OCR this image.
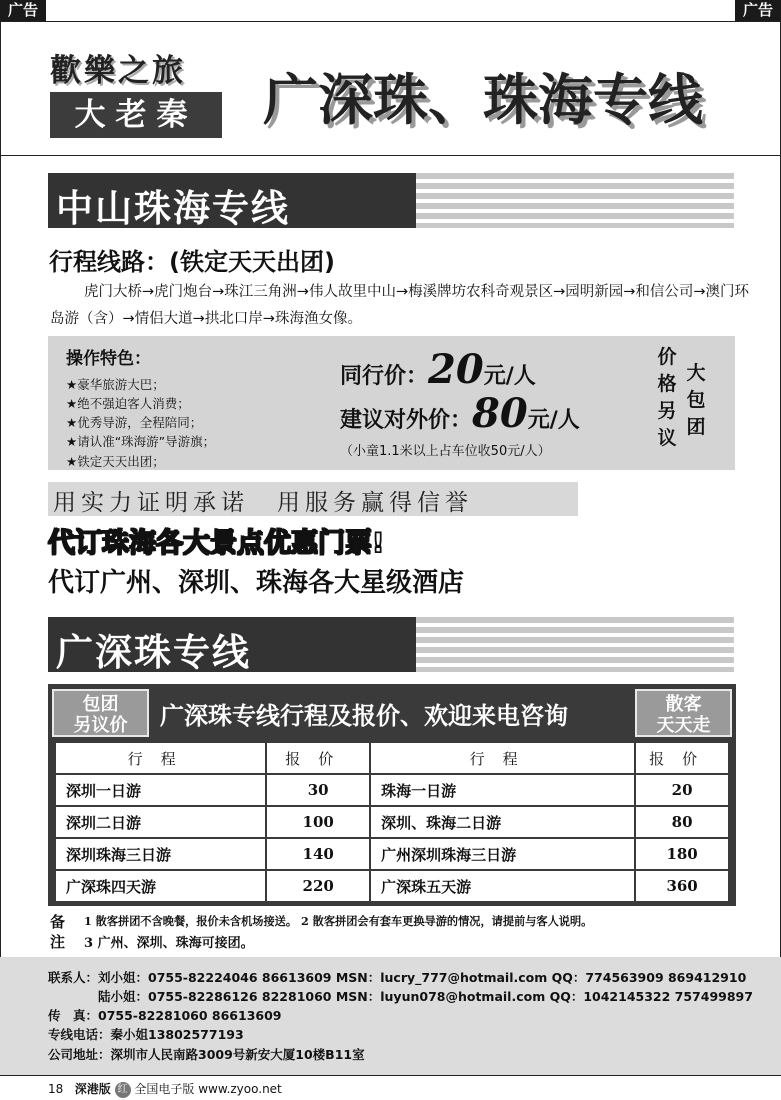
广告	广告
歡樂之旅
大老秦	广深珠、珠海专线
中山珠海专线
行程线路：(铁定天天出团)
虎门大桥→虎门炮台→珠江三角洲→伟人故里中山→梅溪牌坊农科奇观景区→园明新园→和信公司→澳门环岛游（含）→情侣大道→拱北口岸→珠海渔女像。
操作特色：
★豪华旅游大巴；
★绝不强迫客人消费；
★优秀导游，全程陪同；
★请认准“珠海游”导游旗；
★铁定天天出团；
同行价：20元/人
建议对外价：80元/人
（小童1.1米以上占车位收50元/人）
价
格
另
议
大
包
团
用实力证明承诺　用服务赢得信誉
代订珠海各大景点优惠门票!
代订广州、深圳、珠海各大星级酒店
广深珠专线
包团
另议价	广深珠专线行程及报价、欢迎来电咨询	散客
天天走
行程	报价	行程	报价
深圳一日游	30	珠海一日游	20
深圳二日游	100	深圳、珠海二日游	80
深圳珠海三日游	140	广州深圳珠海三日游	180
广深珠四天游	220	广深珠五天游	360
备
注
1 散客拼团不含晚餐，报价未含机场接送。 2 散客拼团会有套车更换导游的情况，请提前与客人说明。
3 广州、深圳、珠海可接团。
联系人：刘小姐：0755-82224046 86613609 MSN：lucry_777@hotmail.com QQ：774563909 869412910
　　　　陆小姐：0755-82286126 82281060 MSN：luyun078@hotmail.com QQ：1042145322 757499897
传　真：0755-82281060 86613609
专线电话：秦小姐13802577193
公司地址：深圳市人民南路3009号新安大厦10楼B11室
18 深港版 红 全国电子版 www.zyoo.net
